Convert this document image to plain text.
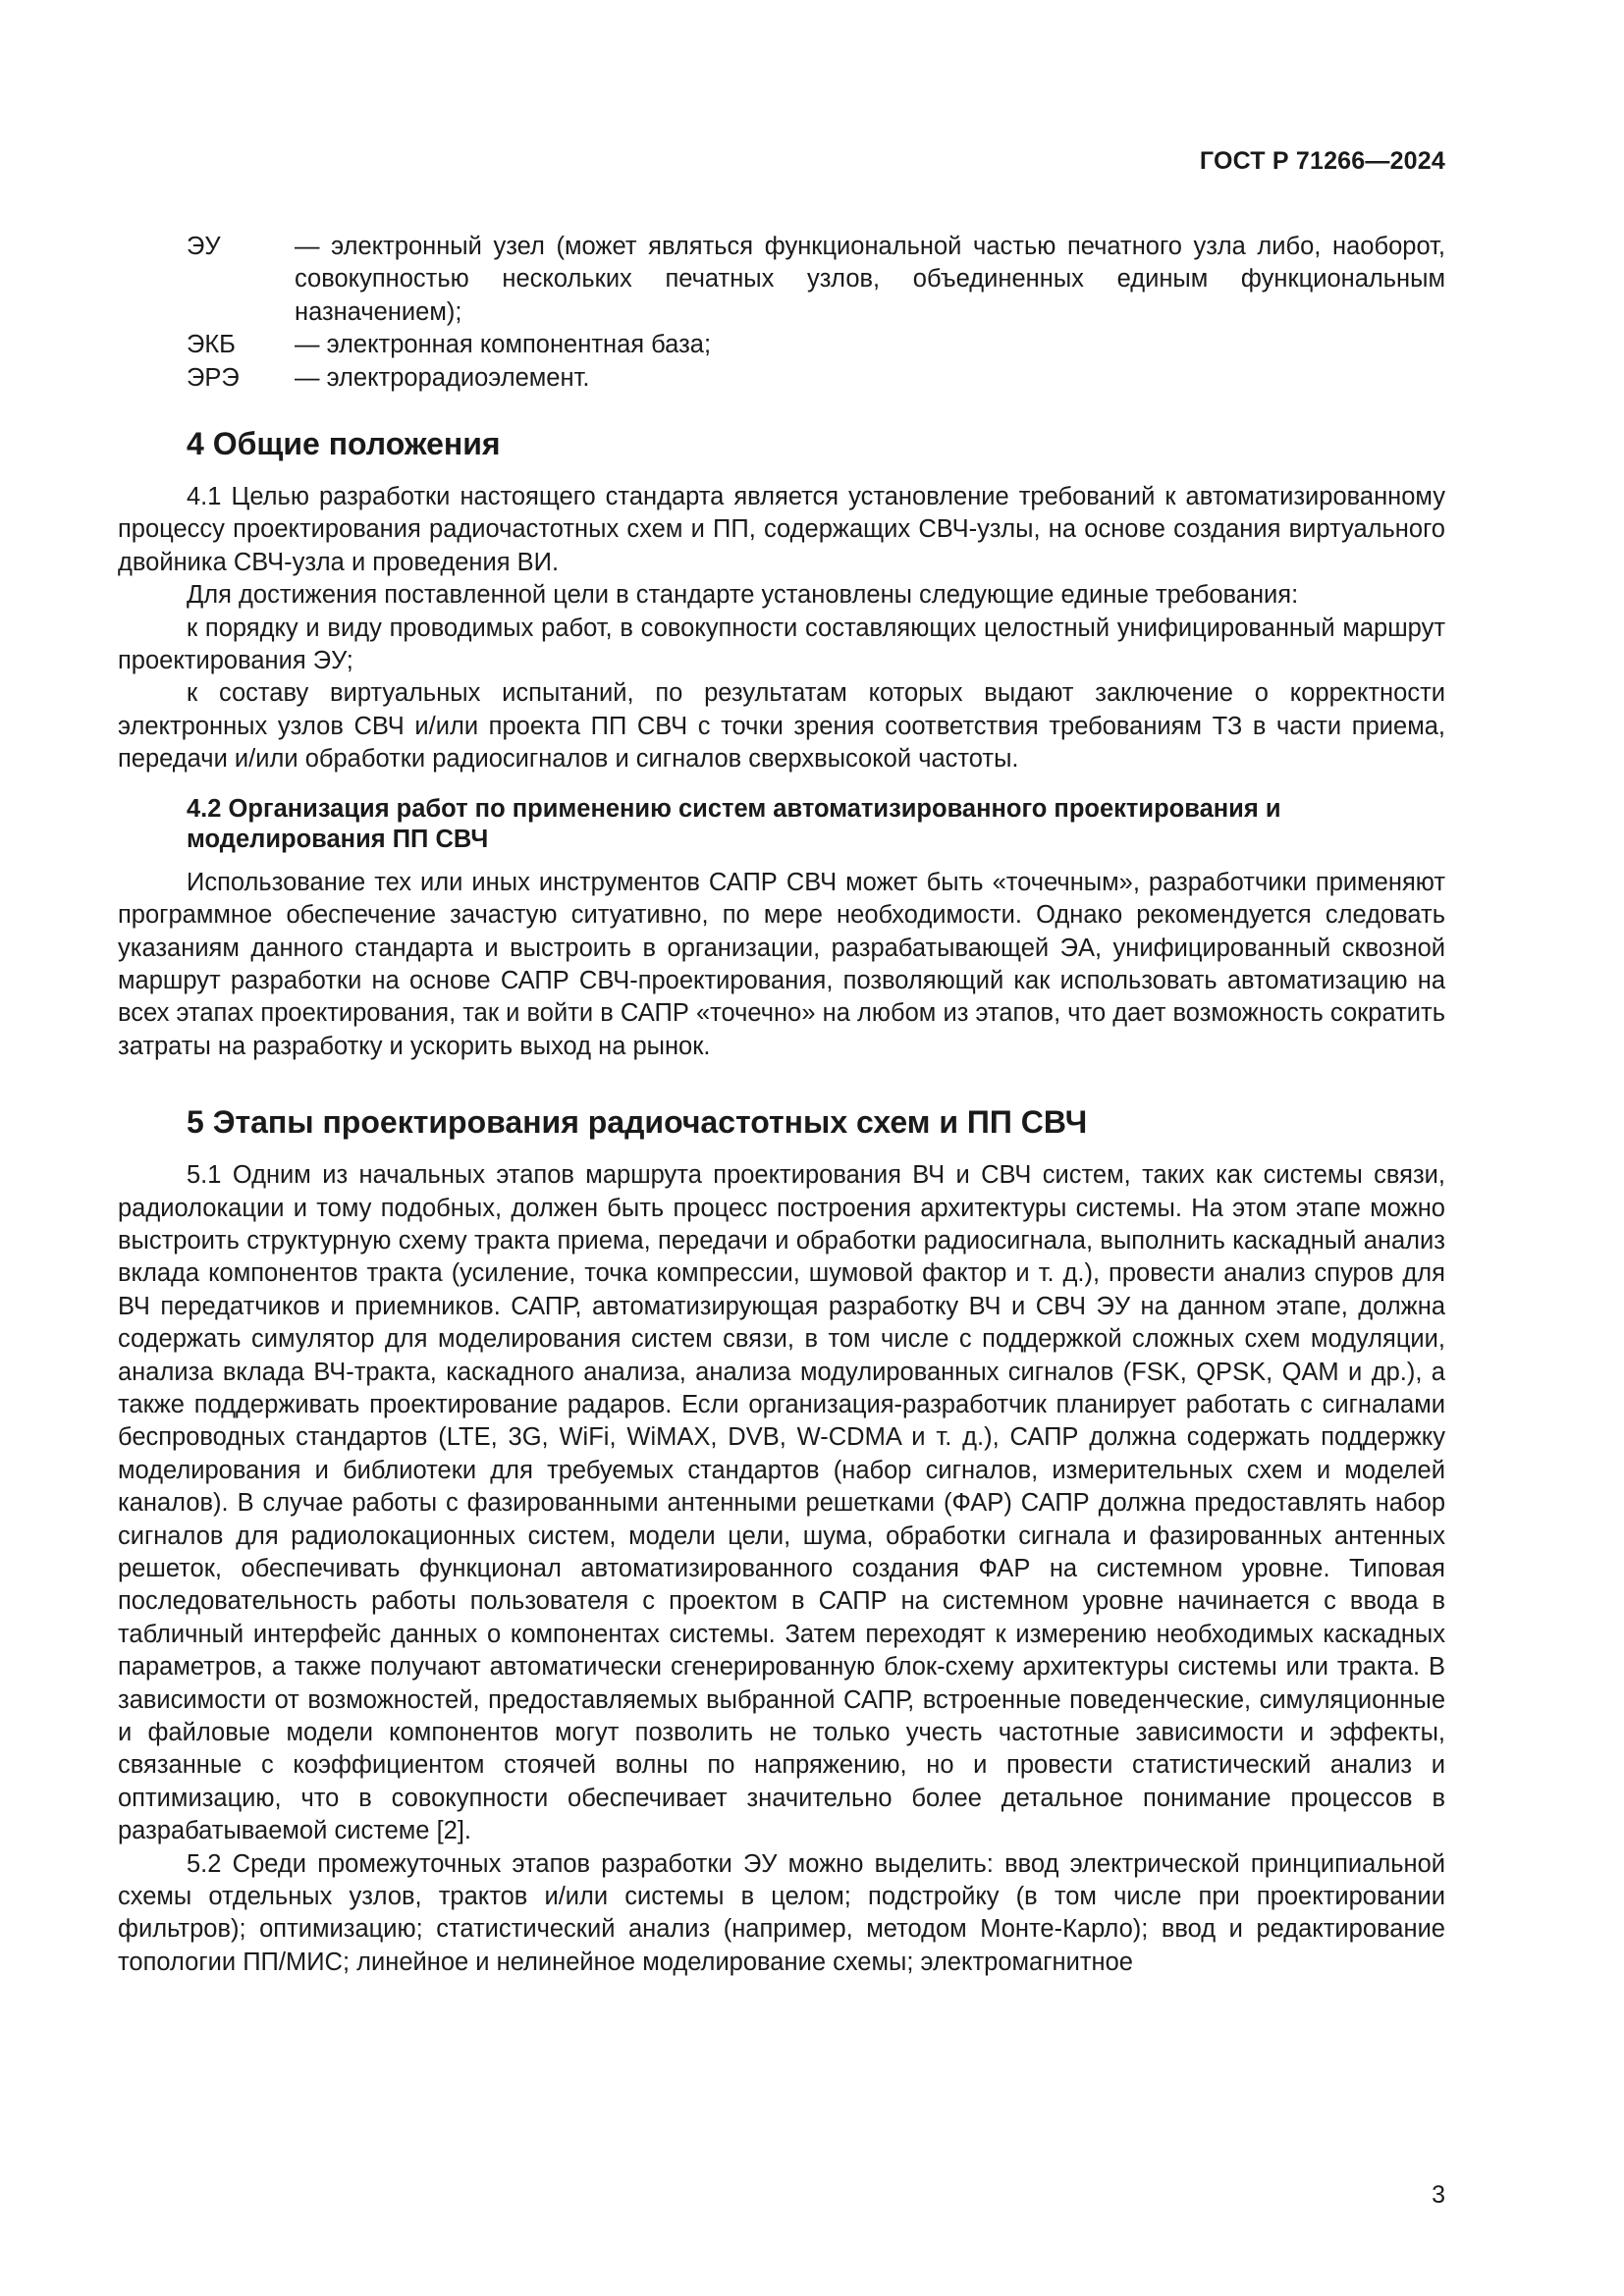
ГОСТ Р 71266—2024
ЭУ	— электронный узел (может являться функциональной частью печатного узла либо, наоборот, совокупностью нескольких печатных узлов, объединенных единым функциональным назначением);
ЭКБ	— электронная компонентная база;
ЭРЭ	— электрорадиоэлемент.
4 Общие положения

4.1 Целью разработки настоящего стандарта является установление требований к автоматизированному процессу проектирования радиочастотных схем и ПП, содержащих СВЧ-узлы, на основе создания виртуального двойника СВЧ-узла и проведения ВИ.

Для достижения поставленной цели в стандарте установлены следующие единые требования:

к порядку и виду проводимых работ, в совокупности составляющих целостный унифицированный маршрут проектирования ЭУ;

к составу виртуальных испытаний, по результатам которых выдают заключение о корректности электронных узлов СВЧ и/или проекта ПП СВЧ с точки зрения соответствия требованиям ТЗ в части приема, передачи и/или обработки радиосигналов и сигналов сверхвысокой частоты.

4.2 Организация работ по применению систем автоматизированного проектирования и моделирования ПП СВЧ

Использование тех или иных инструментов САПР СВЧ может быть «точечным», разработчики применяют программное обеспечение зачастую ситуативно, по мере необходимости. Однако рекомендуется следовать указаниям данного стандарта и выстроить в организации, разрабатывающей ЭА, унифицированный сквозной маршрут разработки на основе САПР СВЧ-проектирования, позволяющий как использовать автоматизацию на всех этапах проектирования, так и войти в САПР «точечно» на любом из этапов, что дает возможность сократить затраты на разработку и ускорить выход на рынок.

5 Этапы проектирования радиочастотных схем и ПП СВЧ

5.1 Одним из начальных этапов маршрута проектирования ВЧ и СВЧ систем, таких как системы связи, радиолокации и тому подобных, должен быть процесс построения архитектуры системы. На этом этапе можно выстроить структурную схему тракта приема, передачи и обработки радиосигнала, выполнить каскадный анализ вклада компонентов тракта (усиление, точка компрессии, шумовой фактор и т. д.), провести анализ спуров для ВЧ передатчиков и приемников. САПР, автоматизирующая разработку ВЧ и СВЧ ЭУ на данном этапе, должна содержать симулятор для моделирования систем связи, в том числе с поддержкой сложных схем модуляции, анализа вклада ВЧ-тракта, каскадного анализа, анализа модулированных сигналов (FSK, QPSK, QAM и др.), а также поддерживать проектирование радаров. Если организация-разработчик планирует работать с сигналами беспроводных стандартов (LTE, 3G, WiFi, WiMAX, DVB, W-CDMA и т. д.), САПР должна содержать поддержку моделирования и библиотеки для требуемых стандартов (набор сигналов, измерительных схем и моделей каналов). В случае работы с фазированными антенными решетками (ФАР) САПР должна предоставлять набор сигналов для радиолокационных систем, модели цели, шума, обработки сигнала и фазированных антенных решеток, обеспечивать функционал автоматизированного создания ФАР на системном уровне. Типовая последовательность работы пользователя с проектом в САПР на системном уровне начинается с ввода в табличный интерфейс данных о компонентах системы. Затем переходят к измерению необходимых каскадных параметров, а также получают автоматически сгенерированную блок-схему архитектуры системы или тракта. В зависимости от возможностей, предоставляемых выбранной САПР, встроенные поведенческие, симуляционные и файловые модели компонентов могут позволить не только учесть частотные зависимости и эффекты, связанные с коэффициентом стоячей волны по напряжению, но и провести статистический анализ и оптимизацию, что в совокупности обеспечивает значительно более детальное понимание процессов в разрабатываемой системе [2].

5.2 Среди промежуточных этапов разработки ЭУ можно выделить: ввод электрической принципиальной схемы отдельных узлов, трактов и/или системы в целом; подстройку (в том числе при проектировании фильтров); оптимизацию; статистический анализ (например, методом Монте-Карло); ввод и редактирование топологии ПП/МИС; линейное и нелинейное моделирование схемы; электромагнитное

3
